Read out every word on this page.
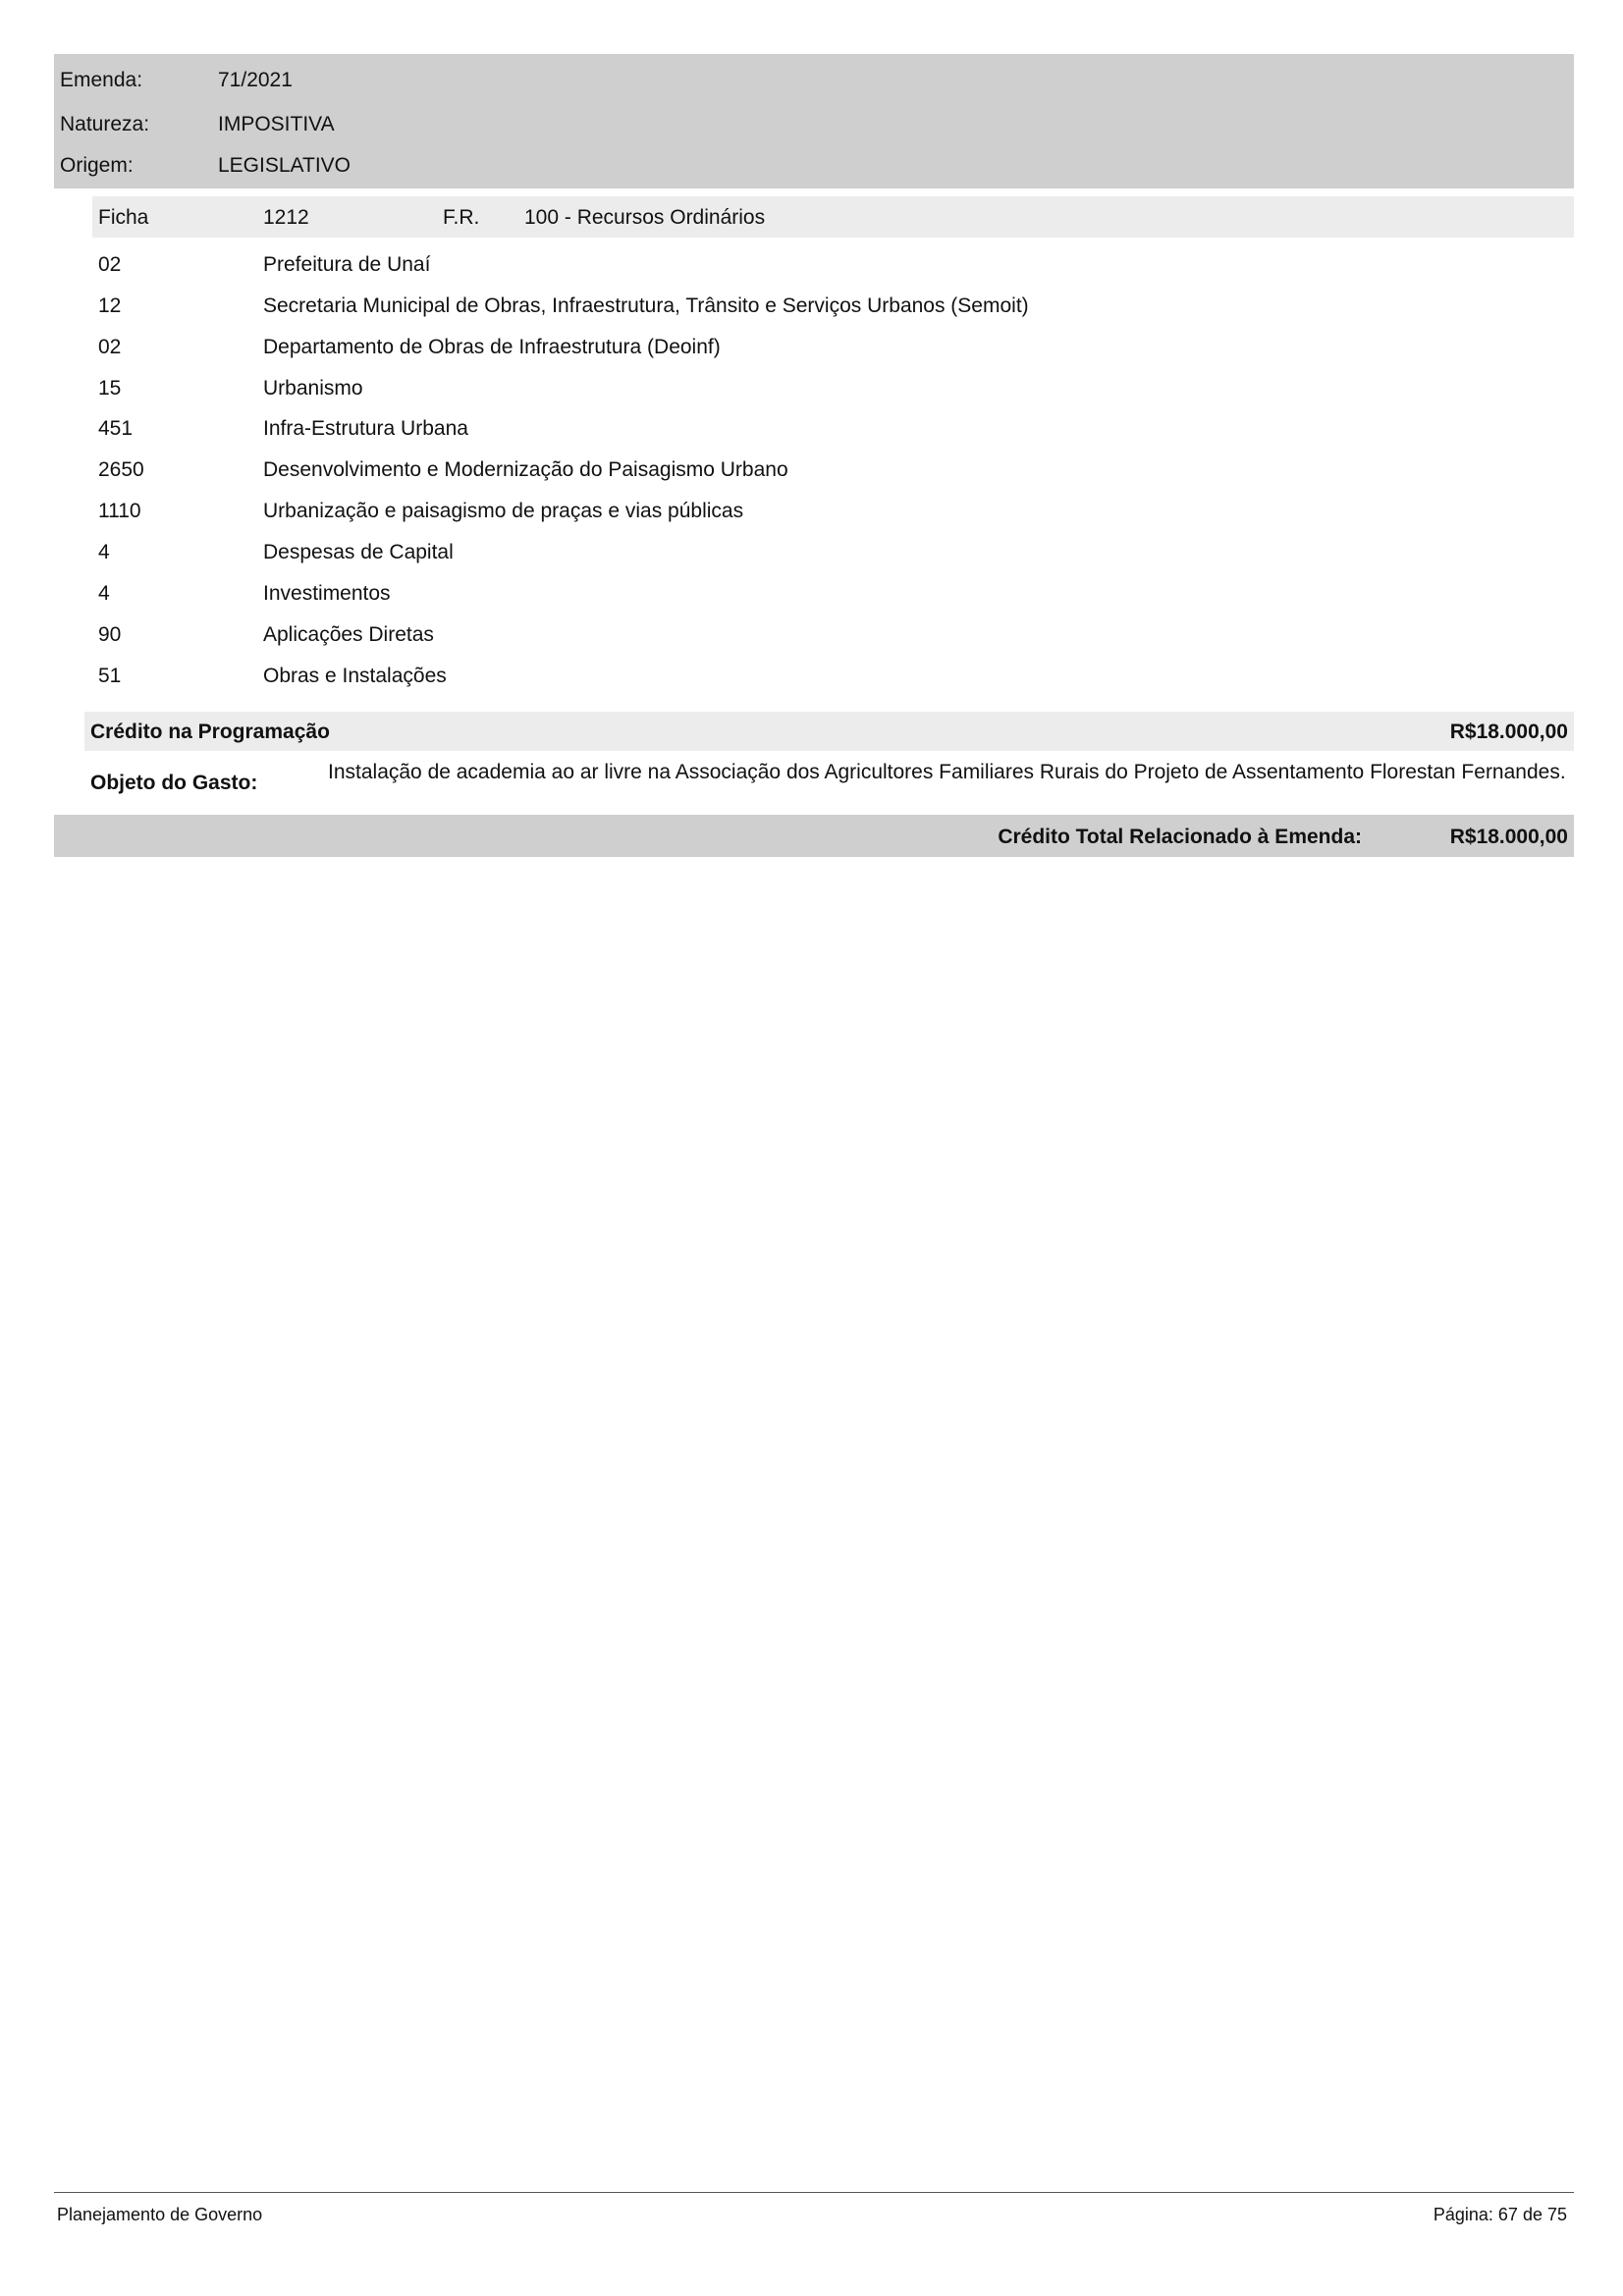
Emenda:	71/2021
Natureza:	IMPOSITIVA
Origem:	LEGISLATIVO
Ficha	1212	F.R. 100 - Recursos Ordinários
02	Prefeitura de Unaí
12	Secretaria Municipal de Obras, Infraestrutura, Trânsito e Serviços Urbanos (Semoit)
02	Departamento de Obras de Infraestrutura (Deoinf)
15	Urbanismo
451	Infra-Estrutura Urbana
2650	Desenvolvimento e Modernização do Paisagismo Urbano
1110	Urbanização e paisagismo de praças e vias públicas
4	Despesas de Capital
4	Investimentos
90	Aplicações Diretas
51	Obras e Instalações
Crédito na Programação	R$18.000,00
Objeto do Gasto:	Instalação de academia ao ar livre na Associação dos Agricultores Familiares Rurais do Projeto de Assentamento Florestan Fernandes.
Crédito Total Relacionado à Emenda:	R$18.000,00
Planejamento de Governo	Página: 67 de 75
